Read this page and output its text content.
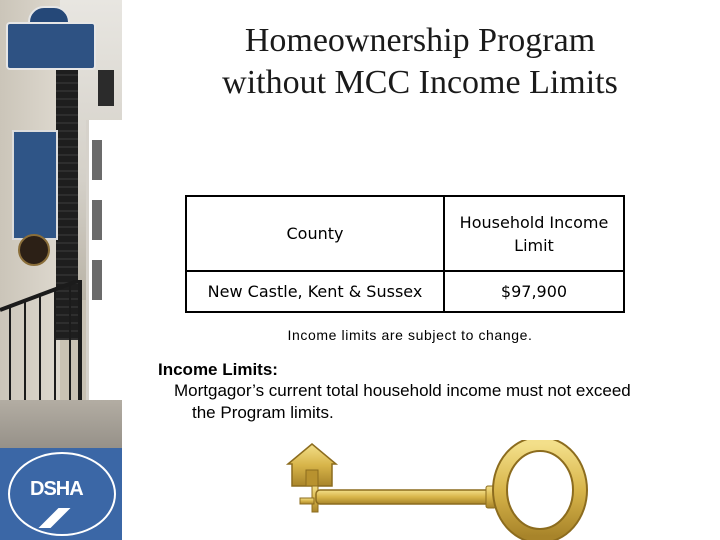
DSHA
Homeownership Program
without MCC Income Limits
County
Household Income Limit
New Castle, Kent & Sussex	$97,900
Income limits are subject to change.
Income Limits:
Mortgagor’s current total household income must not exceed
the Program limits.
